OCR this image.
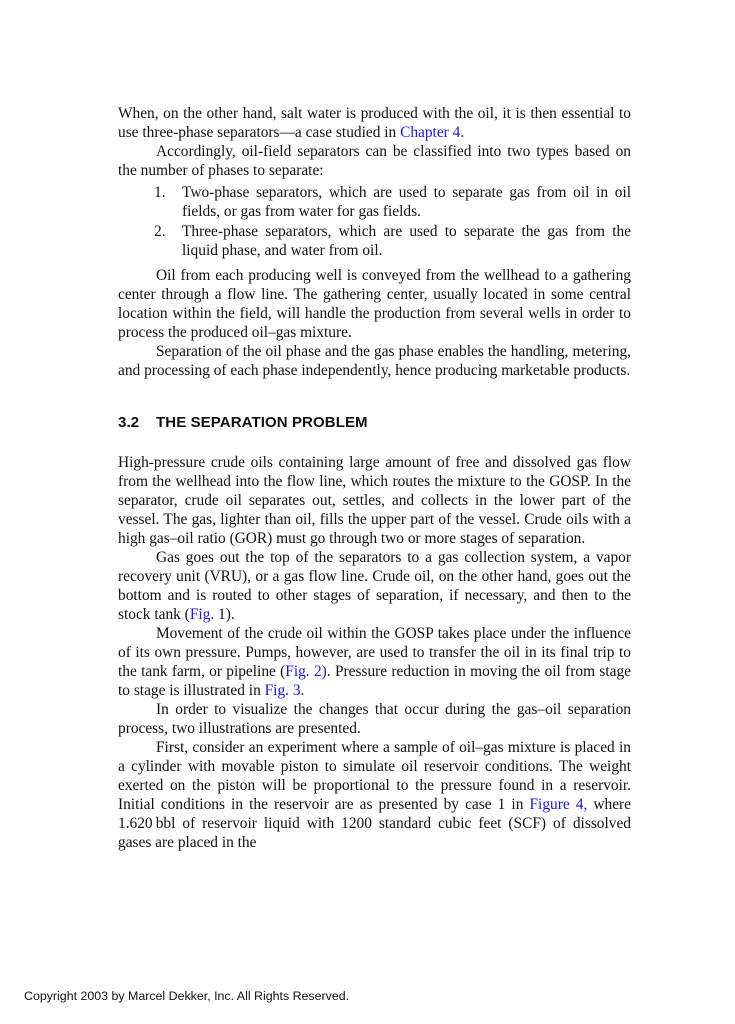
When, on the other hand, salt water is produced with the oil, it is then essential to use three-phase separators—a case studied in Chapter 4.

Accordingly, oil-field separators can be classified into two types based on the number of phases to separate:

1. Two-phase separators, which are used to separate gas from oil in oil fields, or gas from water for gas fields.
2. Three-phase separators, which are used to separate the gas from the liquid phase, and water from oil.

Oil from each producing well is conveyed from the wellhead to a gathering center through a flow line. The gathering center, usually located in some central location within the field, will handle the production from several wells in order to process the produced oil–gas mixture.

Separation of the oil phase and the gas phase enables the handling, metering, and processing of each phase independently, hence producing marketable products.

3.2 THE SEPARATION PROBLEM

High-pressure crude oils containing large amount of free and dissolved gas flow from the wellhead into the flow line, which routes the mixture to the GOSP. In the separator, crude oil separates out, settles, and collects in the lower part of the vessel. The gas, lighter than oil, fills the upper part of the vessel. Crude oils with a high gas–oil ratio (GOR) must go through two or more stages of separation.

Gas goes out the top of the separators to a gas collection system, a vapor recovery unit (VRU), or a gas flow line. Crude oil, on the other hand, goes out the bottom and is routed to other stages of separation, if necessary, and then to the stock tank (Fig. 1).

Movement of the crude oil within the GOSP takes place under the influence of its own pressure. Pumps, however, are used to transfer the oil in its final trip to the tank farm, or pipeline (Fig. 2). Pressure reduction in moving the oil from stage to stage is illustrated in Fig. 3.

In order to visualize the changes that occur during the gas–oil separation process, two illustrations are presented.

First, consider an experiment where a sample of oil–gas mixture is placed in a cylinder with movable piston to simulate oil reservoir conditions. The weight exerted on the piston will be proportional to the pressure found in a reservoir. Initial conditions in the reservoir are as presented by case 1 in Figure 4, where 1.620 bbl of reservoir liquid with 1200 standard cubic feet (SCF) of dissolved gases are placed in the

Copyright 2003 by Marcel Dekker, Inc. All Rights Reserved.
